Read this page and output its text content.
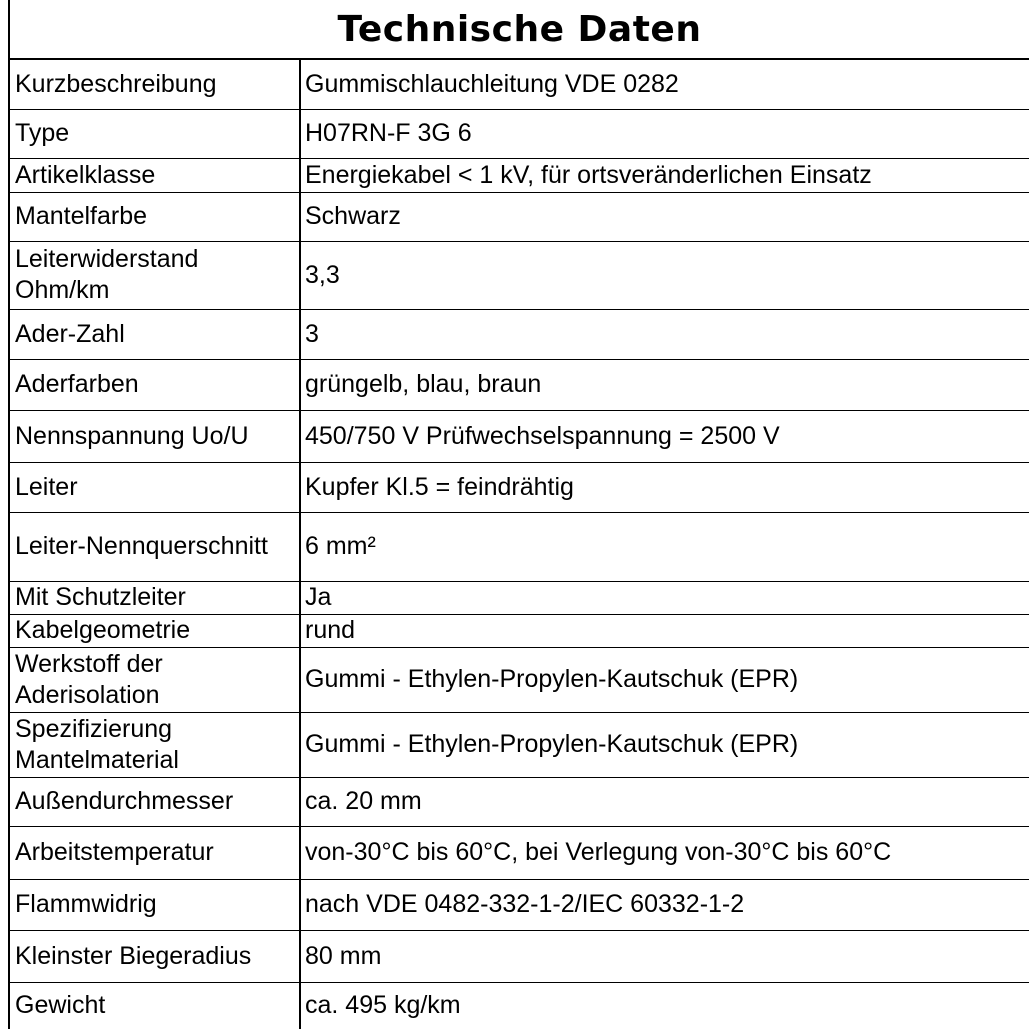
Technische Daten
Kurzbeschreibung	Gummischlauchleitung VDE 0282
Type	H07RN-F 3G 6
Artikelklasse	Energiekabel < 1 kV, für ortsveränderlichen Einsatz
Mantelfarbe	Schwarz
Leiterwiderstand Ohm/km	3,3
Ader-Zahl	3
Aderfarben	grüngelb, blau, braun
Nennspannung Uo/U	450/750 V Prüfwechselspannung = 2500 V
Leiter	Kupfer Kl.5 = feindrähtig
Leiter-Nennquerschnitt	6 mm²
Mit Schutzleiter	Ja
Kabelgeometrie	rund
Werkstoff der Aderisolation	Gummi - Ethylen-Propylen-Kautschuk (EPR)
Spezifizierung Mantelmaterial	Gummi - Ethylen-Propylen-Kautschuk (EPR)
Außendurchmesser	ca. 20 mm
Arbeitstemperatur	von-30°C bis 60°C, bei Verlegung von-30°C bis 60°C
Flammwidrig	nach VDE 0482-332-1-2/IEC 60332-1-2
Kleinster Biegeradius	80 mm
Gewicht	ca. 495 kg/km
